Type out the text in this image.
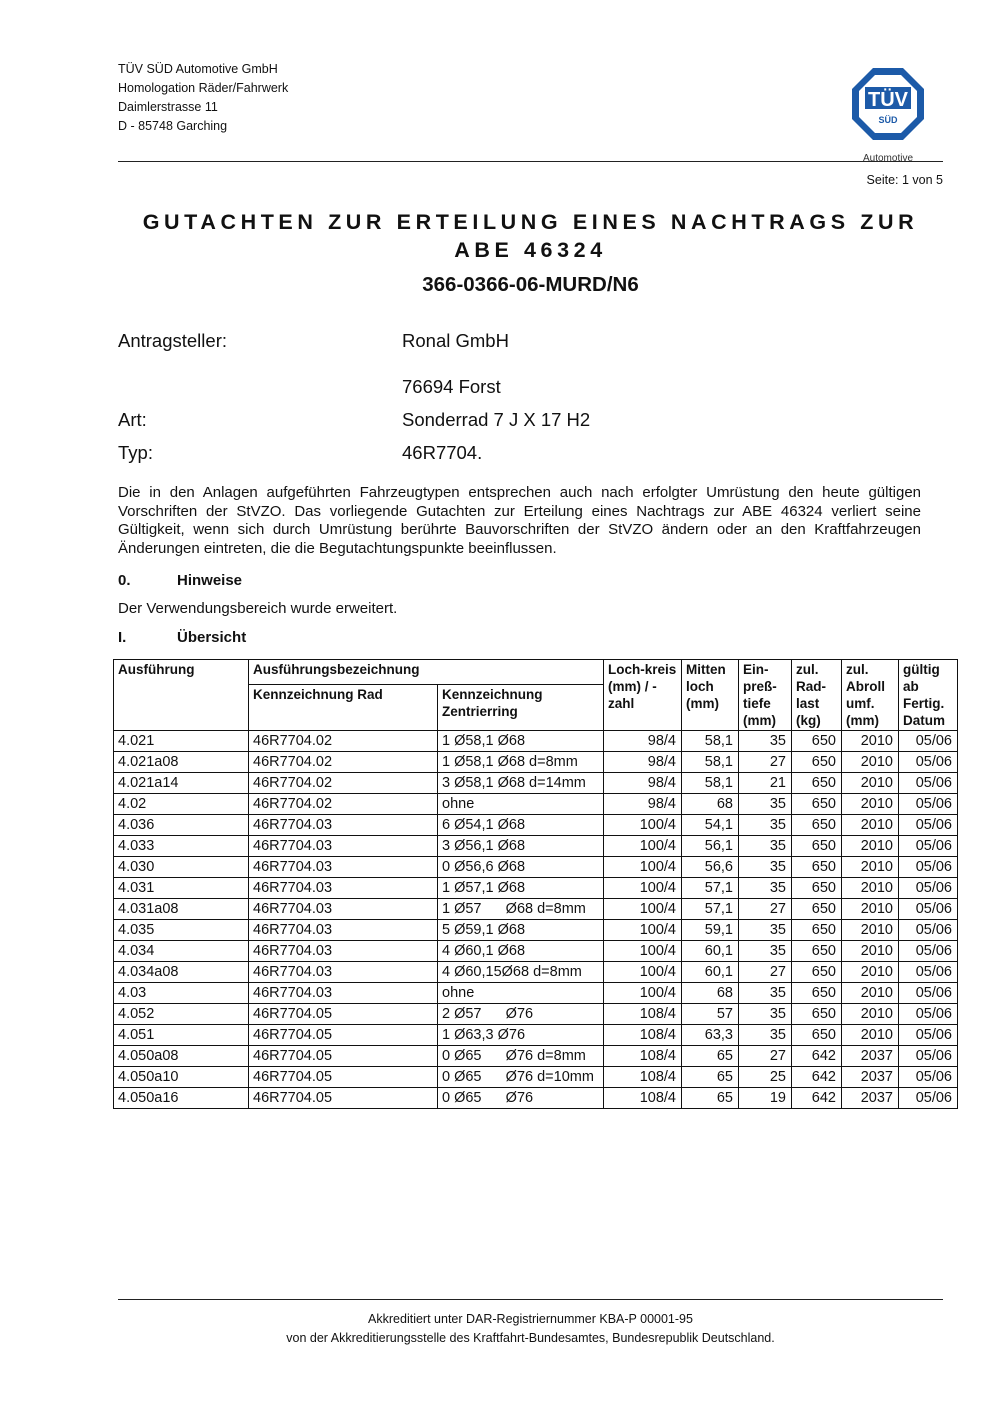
TÜV SÜD Automotive GmbH
Homologation Räder/Fahrwerk
Daimlerstrasse 11
D - 85748 Garching
TÜV
SÜD
Automotive
Seite: 1 von 5
GUTACHTEN ZUR ERTEILUNG EINES NACHTRAGS ZUR
ABE 46324
366-0366-06-MURD/N6
Antragsteller:	Ronal GmbH
76694 Forst
Art:	Sonderrad 7 J X 17 H2
Typ:	46R7704.
Die in den Anlagen aufgeführten Fahrzeugtypen entsprechen auch nach erfolgter Umrüstung den heute gültigen Vorschriften der StVZO. Das vorliegende Gutachten zur Erteilung eines Nachtrags zur ABE 46324 verliert seine Gültigkeit, wenn sich durch Umrüstung berührte Bauvorschriften der StVZO ändern oder an den Kraftfahrzeugen Änderungen eintreten, die die Begutachtungspunkte beeinflussen.
0.	Hinweise
Der Verwendungsbereich wurde erweitert.
I.	Übersicht
Ausführung	Ausführungsbezeichnung		Loch-kreis (mm) / -zahl	Mitten loch (mm)	Ein-preß-tiefe (mm)	zul. Rad-last (kg)	zul. Abroll umf. (mm)	gültig ab Fertig. Datum
	Kennzeichnung Rad	Kennzeichnung Zentrierring						
4.021	46R7704.02	1 Ø58,1 Ø68	98/4	58,1	35	650	2010	05/06
4.021a08	46R7704.02	1 Ø58,1 Ø68 d=8mm	98/4	58,1	27	650	2010	05/06
4.021a14	46R7704.02	3 Ø58,1 Ø68 d=14mm	98/4	58,1	21	650	2010	05/06
4.02	46R7704.02	ohne	98/4	68	35	650	2010	05/06
4.036	46R7704.03	6 Ø54,1 Ø68	100/4	54,1	35	650	2010	05/06
4.033	46R7704.03	3 Ø56,1 Ø68	100/4	56,1	35	650	2010	05/06
4.030	46R7704.03	0 Ø56,6 Ø68	100/4	56,6	35	650	2010	05/06
4.031	46R7704.03	1 Ø57,1 Ø68	100/4	57,1	35	650	2010	05/06
4.031a08	46R7704.03	1 Ø57      Ø68 d=8mm	100/4	57,1	27	650	2010	05/06
4.035	46R7704.03	5 Ø59,1 Ø68	100/4	59,1	35	650	2010	05/06
4.034	46R7704.03	4 Ø60,1 Ø68	100/4	60,1	35	650	2010	05/06
4.034a08	46R7704.03	4 Ø60,15Ø68 d=8mm	100/4	60,1	27	650	2010	05/06
4.03	46R7704.03	ohne	100/4	68	35	650	2010	05/06
4.052	46R7704.05	2 Ø57      Ø76	108/4	57	35	650	2010	05/06
4.051	46R7704.05	1 Ø63,3 Ø76	108/4	63,3	35	650	2010	05/06
4.050a08	46R7704.05	0 Ø65      Ø76 d=8mm	108/4	65	27	642	2037	05/06
4.050a10	46R7704.05	0 Ø65      Ø76 d=10mm	108/4	65	25	642	2037	05/06
4.050a16	46R7704.05	0 Ø65      Ø76	108/4	65	19	642	2037	05/06
Akkreditiert unter DAR-Registriernummer KBA-P 00001-95
von der Akkreditierungsstelle des Kraftfahrt-Bundesamtes, Bundesrepublik Deutschland.
